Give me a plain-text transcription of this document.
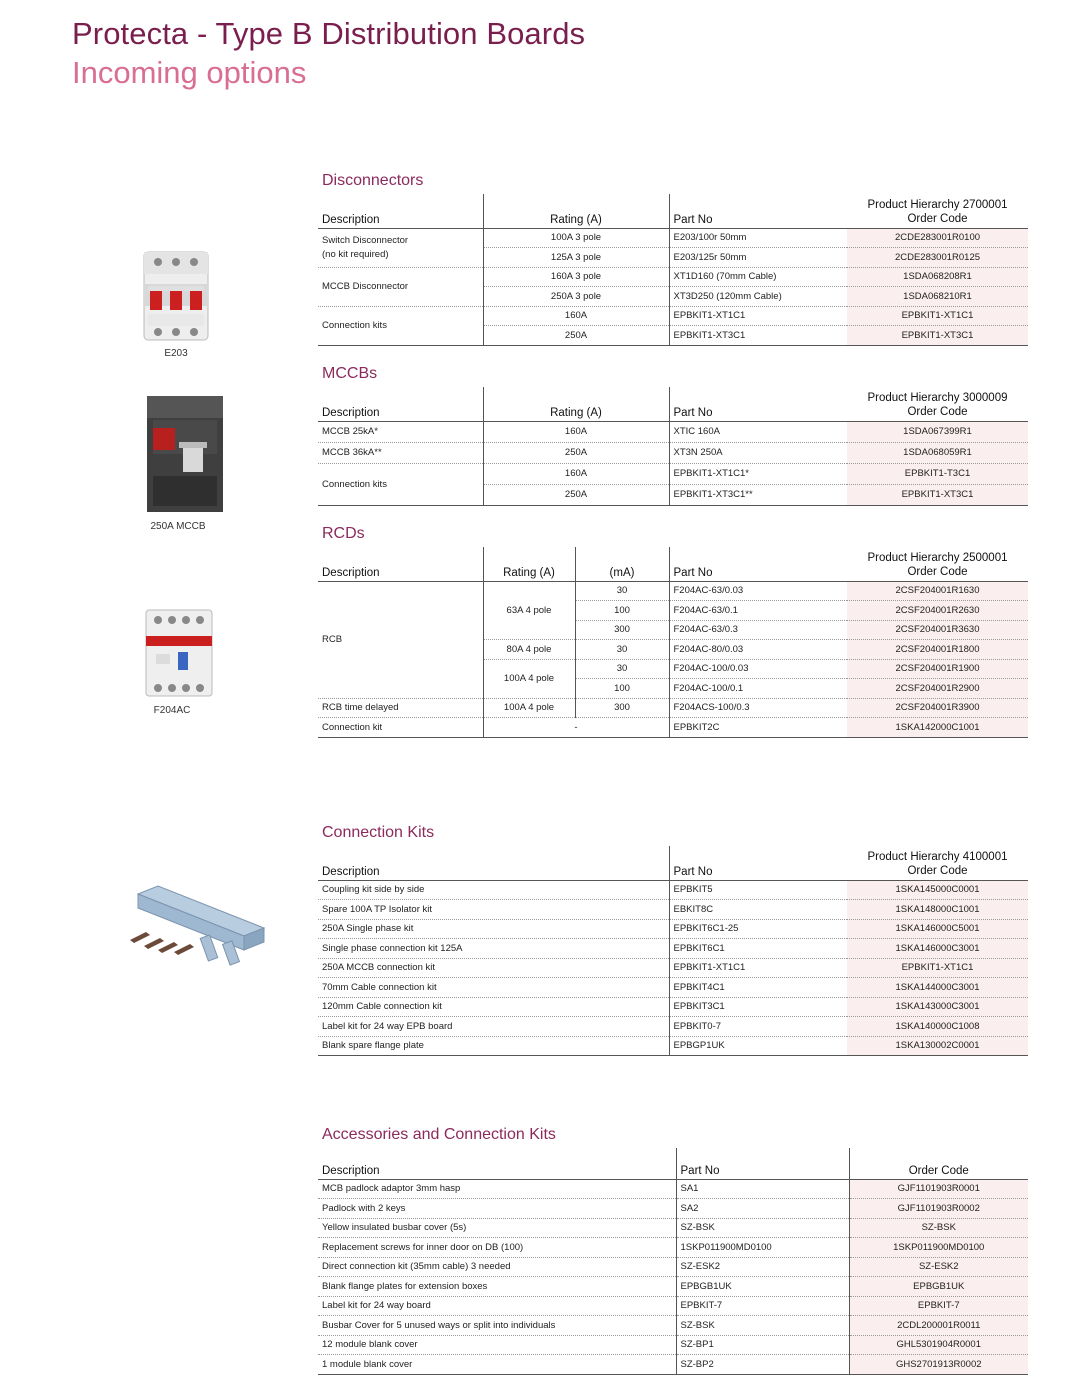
Protecta - Type B Distribution Boards
Incoming options
E203
250A MCCB
F204AC
Disconnectors
Description	Rating (A)	Part No	Product Hierarchy 2700001
Order Code
Switch Disconnector
(no kit required)	100A 3 pole	E203/100r 50mm	2CDE283001R0100
	125A 3 pole	E203/125r 50mm	2CDE283001R0125
MCCB Disconnector	160A 3 pole	XT1D160 (70mm Cable)	1SDA068208R1
	250A 3 pole	XT3D250 (120mm Cable)	1SDA068210R1
Connection kits	160A	EPBKIT1-XT1C1	EPBKIT1-XT1C1
	250A	EPBKIT1-XT3C1	EPBKIT1-XT3C1
MCCBs
Description	Rating (A)	Part No	Product Hierarchy 3000009
Order Code
MCCB 25kA*	160A	XTIC 160A	1SDA067399R1
MCCB 36kA**	250A	XT3N 250A	1SDA068059R1
Connection kits	160A	EPBKIT1-XT1C1*	EPBKIT1-T3C1
	250A	EPBKIT1-XT3C1**	EPBKIT1-XT3C1
RCDs
Description	Rating (A)	(mA)	Part No	Product Hierarchy 2500001
Order Code
RCB	63A 4 pole	30	F204AC-63/0.03	2CSF204001R1630
		100	F204AC-63/0.1	2CSF204001R2630
		300	F204AC-63/0.3	2CSF204001R3630
	80A 4 pole	30	F204AC-80/0.03	2CSF204001R1800
	100A 4 pole	30	F204AC-100/0.03	2CSF204001R1900
		100	F204AC-100/0.1	2CSF204001R2900
RCB time delayed	100A 4 pole	300	F204ACS-100/0.3	2CSF204001R3900
Connection kit	-		EPBKIT2C	1SKA142000C1001
Connection Kits
Description	Part No	Product Hierarchy 4100001
Order Code
Coupling kit side by side	EPBKIT5	1SKA145000C0001
Spare 100A TP Isolator kit	EBKIT8C	1SKA148000C1001
250A Single phase kit	EPBKIT6C1-25	1SKA146000C5001
Single phase connection kit 125A	EPBKIT6C1	1SKA146000C3001
250A MCCB connection kit	EPBKIT1-XT1C1	EPBKIT1-XT1C1
70mm Cable connection kit	EPBKIT4C1	1SKA144000C3001
120mm Cable connection kit	EPBKIT3C1	1SKA143000C3001
Label kit for 24 way EPB board	EPBKIT0-7	1SKA140000C1008
Blank spare flange plate	EPBGP1UK	1SKA130002C0001
Accessories and Connection Kits
Description	Part No	Order Code
MCB padlock adaptor 3mm hasp	SA1	GJF1101903R0001
Padlock with 2 keys	SA2	GJF1101903R0002
Yellow insulated busbar cover (5s)	SZ-BSK	SZ-BSK
Replacement screws for inner door on DB (100)	1SKP011900MD0100	1SKP011900MD0100
Direct connection kit (35mm cable) 3 needed	SZ-ESK2	SZ-ESK2
Blank flange plates for extension boxes	EPBGB1UK	EPBGB1UK
Label kit for 24 way board	EPBKIT-7	EPBKIT-7
Busbar Cover for 5 unused ways or split into individuals	SZ-BSK	2CDL200001R0011
12 module blank cover	SZ-BP1	GHL5301904R0001
1 module blank cover	SZ-BP2	GHS2701913R0002
